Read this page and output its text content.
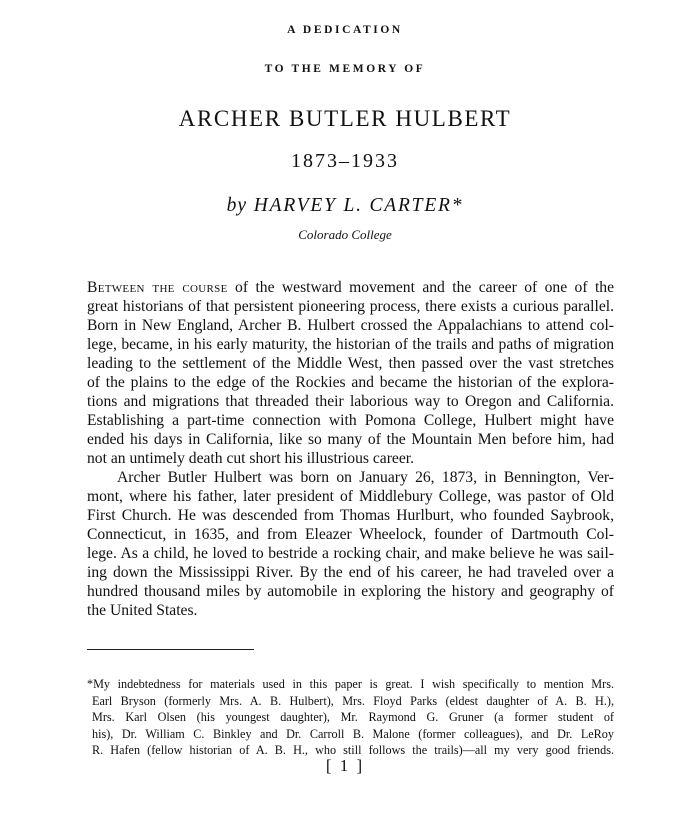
A DEDICATION
TO THE MEMORY OF
ARCHER BUTLER HULBERT
1873–1933
by HARVEY L. CARTER*
Colorado College
Between the course of the westward movement and the career of one of the
great historians of that persistent pioneering process, there exists a curious parallel.
Born in New England, Archer B. Hulbert crossed the Appalachians to attend col-
lege, became, in his early maturity, the historian of the trails and paths of migration
leading to the settlement of the Middle West, then passed over the vast stretches
of the plains to the edge of the Rockies and became the historian of the explora-
tions and migrations that threaded their laborious way to Oregon and California.
Establishing a part-time connection with Pomona College, Hulbert might have
ended his days in California, like so many of the Mountain Men before him, had
not an untimely death cut short his illustrious career.
Archer Butler Hulbert was born on January 26, 1873, in Bennington, Ver-
mont, where his father, later president of Middlebury College, was pastor of Old
First Church. He was descended from Thomas Hurlburt, who founded Saybrook,
Connecticut, in 1635, and from Eleazer Wheelock, founder of Dartmouth Col-
lege. As a child, he loved to bestride a rocking chair, and make believe he was sail-
ing down the Mississippi River. By the end of his career, he had traveled over a
hundred thousand miles by automobile in exploring the history and geography of
the United States.
*My indebtedness for materials used in this paper is great. I wish specifically to mention Mrs.
Earl Bryson (formerly Mrs. A. B. Hulbert), Mrs. Floyd Parks (eldest daughter of A. B. H.),
Mrs. Karl Olsen (his youngest daughter), Mr. Raymond G. Gruner (a former student of
his), Dr. William C. Binkley and Dr. Carroll B. Malone (former colleagues), and Dr. LeRoy
R. Hafen (fellow historian of A. B. H., who still follows the trails)—all my very good friends.
[ 1 ]
